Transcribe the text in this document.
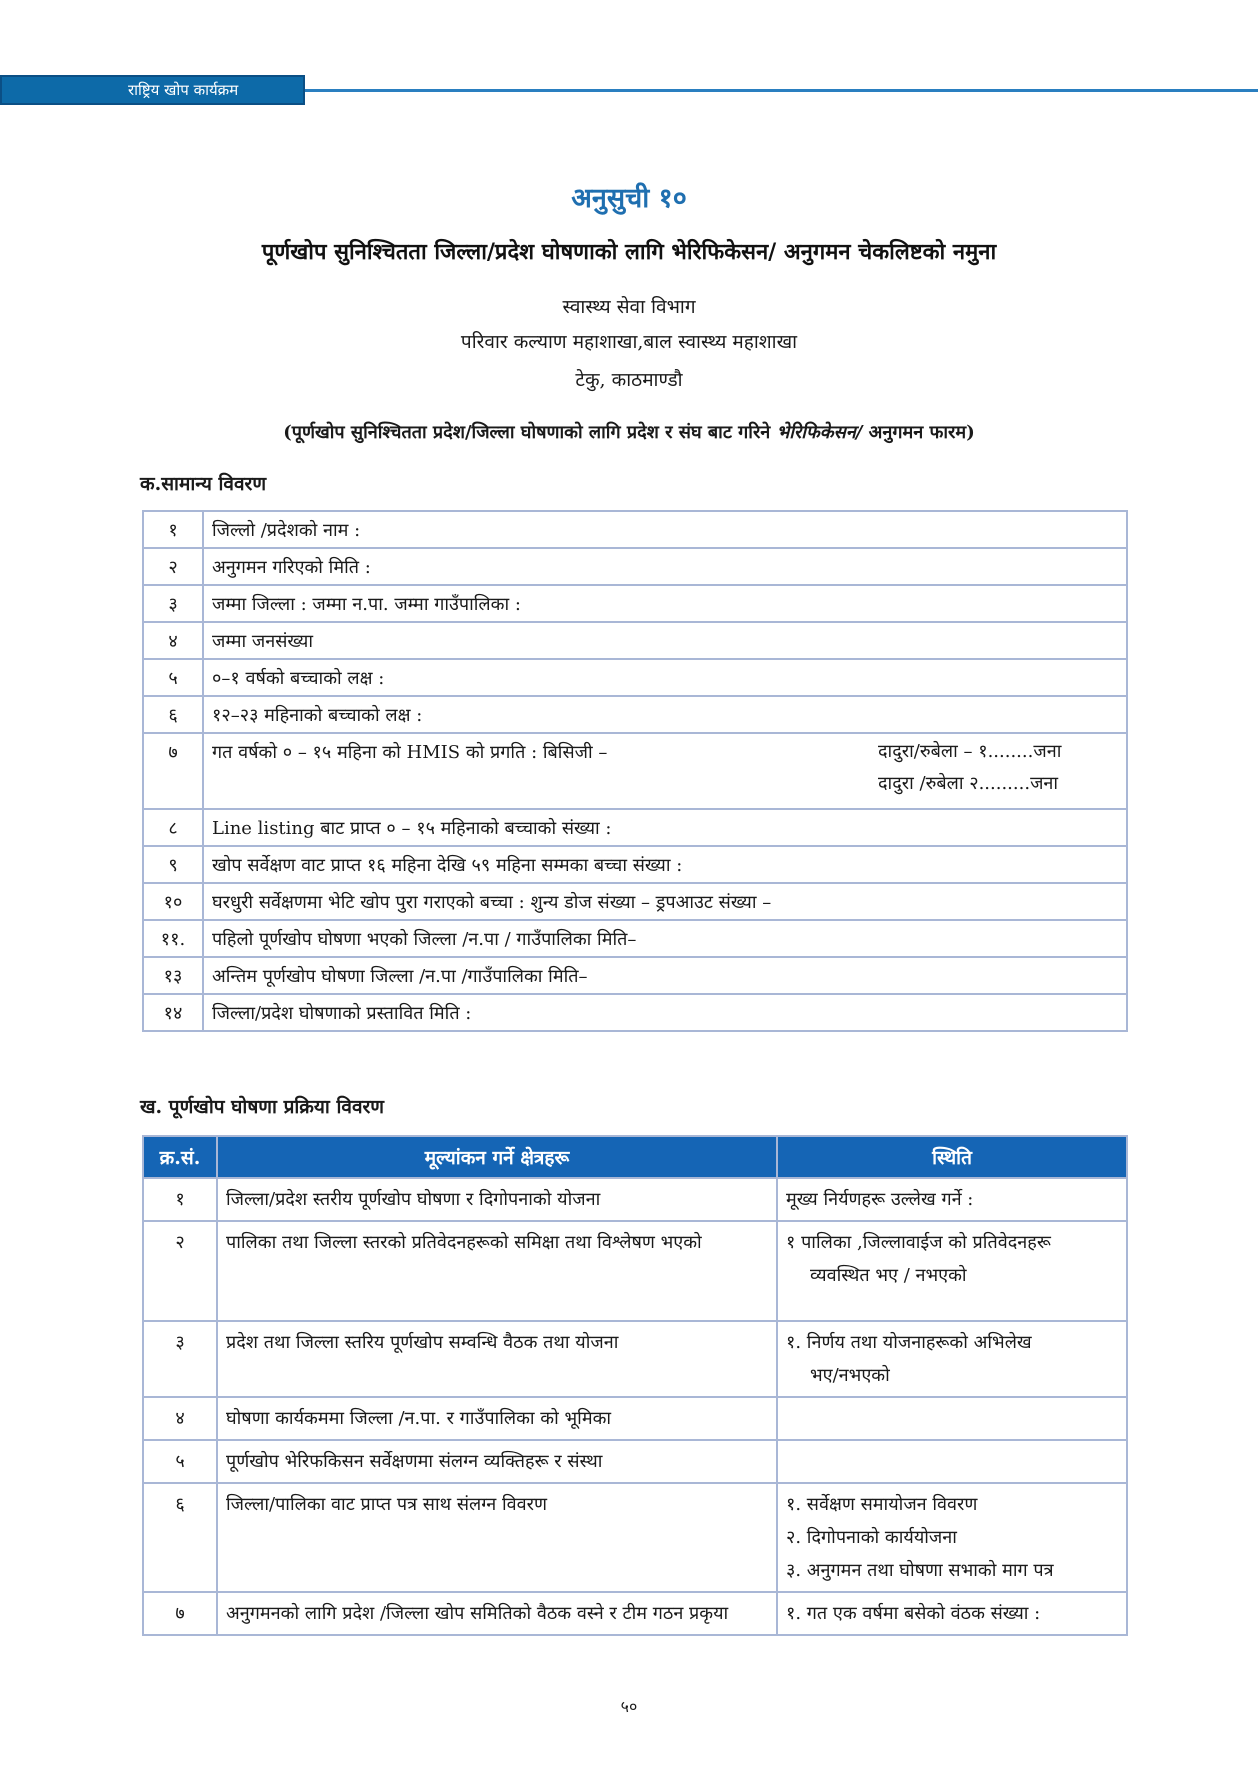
राष्ट्रिय खोप कार्यक्रम
अनुसुची १०
पूर्णखोप सुनिश्चितता जिल्ला/प्रदेश घोषणाको लागि भेरिफिकेसन/ अनुगमन चेकलिष्टको नमुना
स्वास्थ्य सेवा विभाग
परिवार कल्याण महाशाखा,बाल स्वास्थ्य महाशाखा
टेकु, काठमाण्डौ
(पूर्णखोप सुनिश्चितता प्रदेश/जिल्ला घोषणाको लागि प्रदेश र संघ बाट गरिने भेरिफिकेसन/ अनुगमन फारम)
क.सामान्य विवरण
१	जिल्लो /प्रदेशको नाम :
२	अनुगमन गरिएको मिति :
३	जम्मा जिल्ला : जम्मा न.पा. जम्मा गाउँपालिका :
४	जम्मा जनसंख्या
५	०–१ वर्षको बच्चाको लक्ष :
६	१२–२३ महिनाको बच्चाको लक्ष :
७	गत वर्षको ० – १५ महिना को HMIS को प्रगति : बिसिजी – दादुरा/रुबेला – १........जना
दादुरा /रुबेला २.........जना

८	Line listing बाट प्राप्त ० – १५ महिनाको बच्चाको संख्या :
९	खोप सर्वेक्षण वाट प्राप्त १६ महिना देखि ५९ महिना सम्मका बच्चा संख्या :
१०	घरधुरी सर्वेक्षणमा भेटि खोप पुरा गराएको बच्चा : शुन्य डोज संख्या – ड्रपआउट संख्या –
११.	पहिलो पूर्णखोप घोषणा भएको जिल्ला /न.पा / गाउँपालिका मिति–
१३	अन्तिम पूर्णखोप घोषणा जिल्ला /न.पा /गाउँपालिका मिति–
१४	जिल्ला/प्रदेश घोषणाको प्रस्तावित मिति :
ख. पूर्णखोप घोषणा प्रक्रिया विवरण
क्र.सं.	मूल्यांकन गर्ने क्षेत्रहरू	स्थिति
१	जिल्ला/प्रदेश स्तरीय पूर्णखोप घोषणा र दिगोपनाको योजना	मूख्य निर्यणहरू उल्लेख गर्ने :

२	पालिका तथा जिल्ला स्तरको प्रतिवेदनहरूको समिक्षा तथा विश्लेषण भएको	१ पालिका ,जिल्लावाईज को प्रतिवेदनहरू
व्यवस्थित भए / नभएको

३	प्रदेश तथा जिल्ला स्तरिय पूर्णखोप सम्वन्धि वैठक तथा योजना	१. निर्णय तथा योजनाहरूको अभिलेख
भए/नभएको

४	घोषणा कार्यकममा जिल्ला /न.पा. र गाउँपालिका को भूमिका	
५	पूर्णखोप भेरिफकिसन सर्वेक्षणमा संलग्न व्यक्तिहरू र संस्था	
६	जिल्ला/पालिका वाट प्राप्त पत्र साथ संलग्न विवरण	१. सर्वेक्षण समायोजन विवरण
२. दिगोपनाको कार्ययोजना
३. अनुगमन तथा घोषणा सभाको माग पत्र

७	अनुगमनको लागि प्रदेश /जिल्ला खोप समितिको वैठक वस्ने र टीम गठन प्रकृया	१. गत एक वर्षमा बसेको वंठक संख्या :
५०
